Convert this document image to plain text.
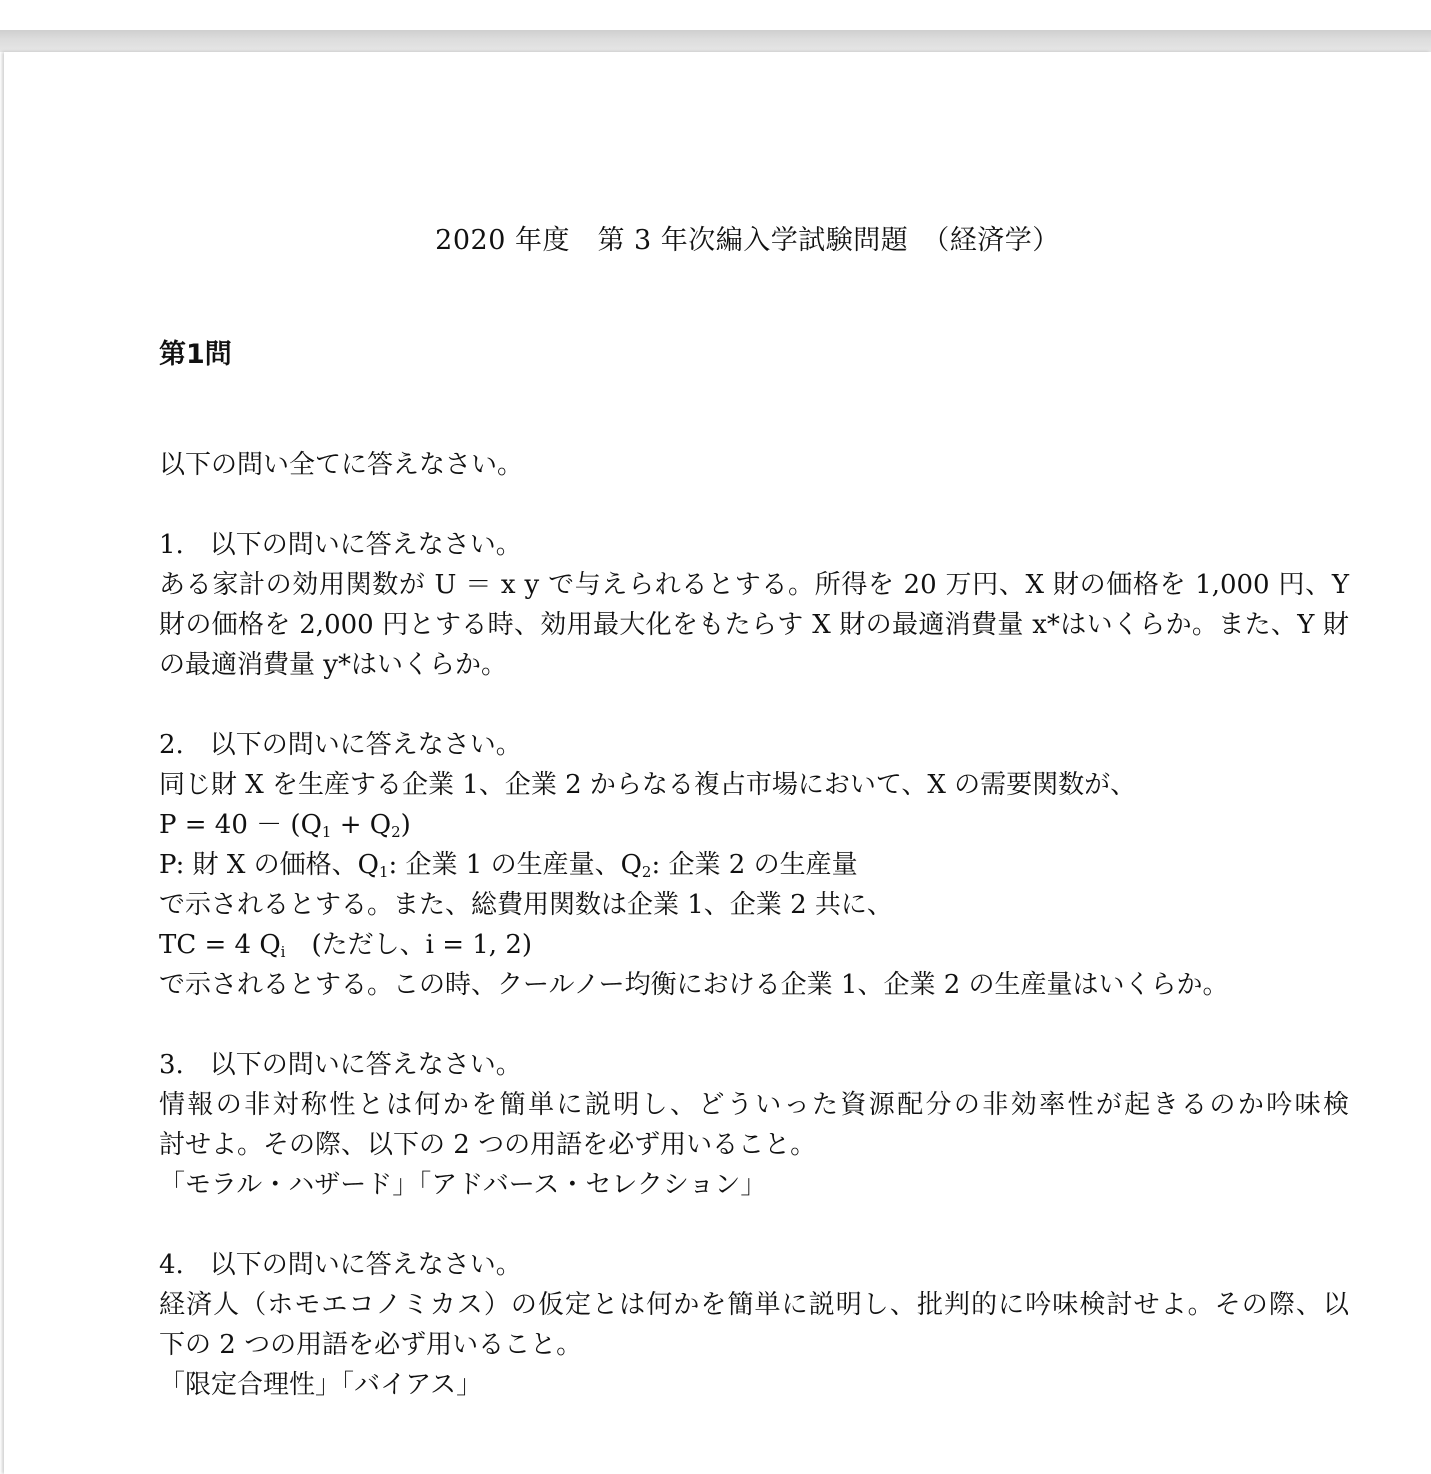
2020 年度　第 3 年次編入学試験問題　（経済学）
第1問
以下の問い全てに答えなさい。
1.　以下の問いに答えなさい。
ある家計の効用関数が U ＝ x y で与えられるとする。所得を 20 万円、X 財の価格を 1,000 円、Y
財の価格を 2,000 円とする時、効用最大化をもたらす X 財の最適消費量 x*はいくらか。また、Y 財
の最適消費量 y*はいくらか。
2.　以下の問いに答えなさい。
同じ財 X を生産する企業 1、企業 2 からなる複占市場において、X の需要関数が、
$P = 40 - (Q_1 + Q_2)$
P: 財 X の価格、$Q_1$: 企業 1 の生産量、$Q_2$: 企業 2 の生産量
で示されるとする。また、総費用関数は企業 1、企業 2 共に、
TC = 4 $Q_i$　(ただし、i = 1, 2)
で示されるとする。この時、クールノー均衡における企業 1、企業 2 の生産量はいくらか。
3.　以下の問いに答えなさい。
情報の非対称性とは何かを簡単に説明し、どういった資源配分の非効率性が起きるのか吟味検
討せよ。その際、以下の 2 つの用語を必ず用いること。
「モラル・ハザード」「アドバース・セレクション」
4.　以下の問いに答えなさい。
経済人（ホモエコノミカス）の仮定とは何かを簡単に説明し、批判的に吟味検討せよ。その際、以
下の 2 つの用語を必ず用いること。
「限定合理性」「バイアス」
